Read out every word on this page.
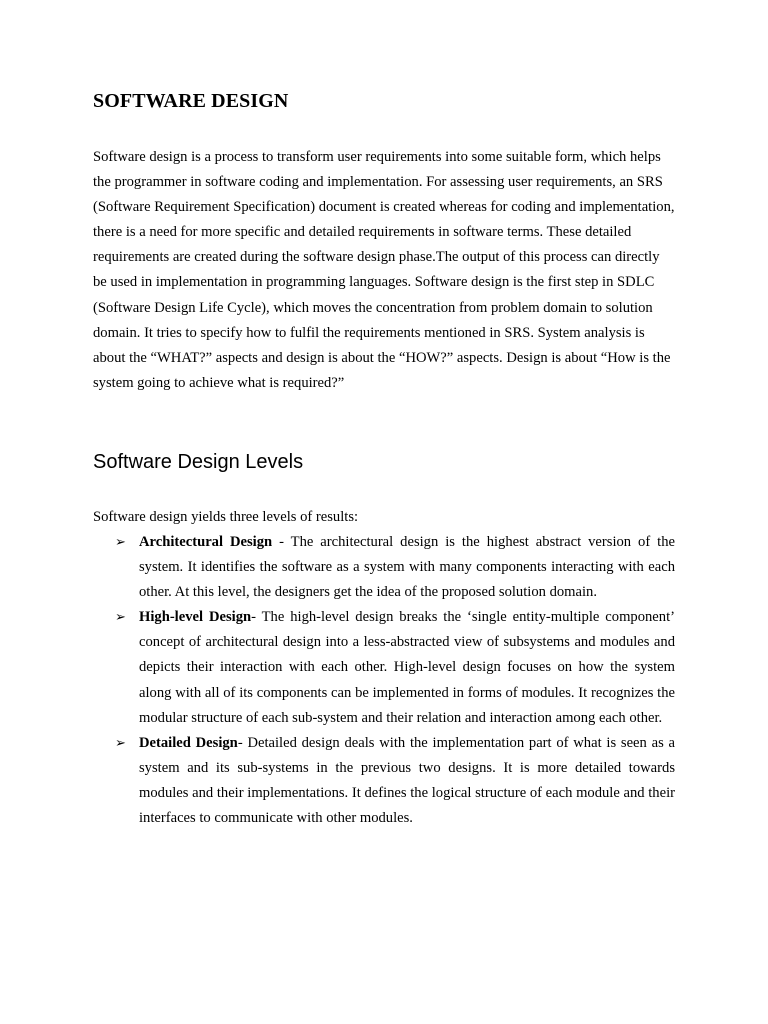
SOFTWARE DESIGN

Software design is a process to transform user requirements into some suitable form, which helps the programmer in software coding and implementation. For assessing user requirements, an SRS (Software Requirement Specification) document is created whereas for coding and implementation, there is a need for more specific and detailed requirements in software terms. These detailed requirements are created during the software design phase.The output of this process can directly be used in implementation in programming languages. Software design is the first step in SDLC (Software Design Life Cycle), which moves the concentration from problem domain to solution domain. It tries to specify how to fulfil the requirements mentioned in SRS. System analysis is about the “WHAT?” aspects and design is about the “HOW?” aspects. Design is about “How is the system going to achieve what is required?”

Software Design Levels

Software design yields three levels of results:

➢ Architectural Design - The architectural design is the highest abstract version of the system. It identifies the software as a system with many components interacting with each other. At this level, the designers get the idea of the proposed solution domain.
➢ High-level Design- The high-level design breaks the ‘single entity-multiple component’ concept of architectural design into a less-abstracted view of subsystems and modules and depicts their interaction with each other. High-level design focuses on how the system along with all of its components can be implemented in forms of modules. It recognizes the modular structure of each sub-system and their relation and interaction among each other.
➢ Detailed Design- Detailed design deals with the implementation part of what is seen as a system and its sub-systems in the previous two designs. It is more detailed towards modules and their implementations. It defines the logical structure of each module and their interfaces to communicate with other modules.
